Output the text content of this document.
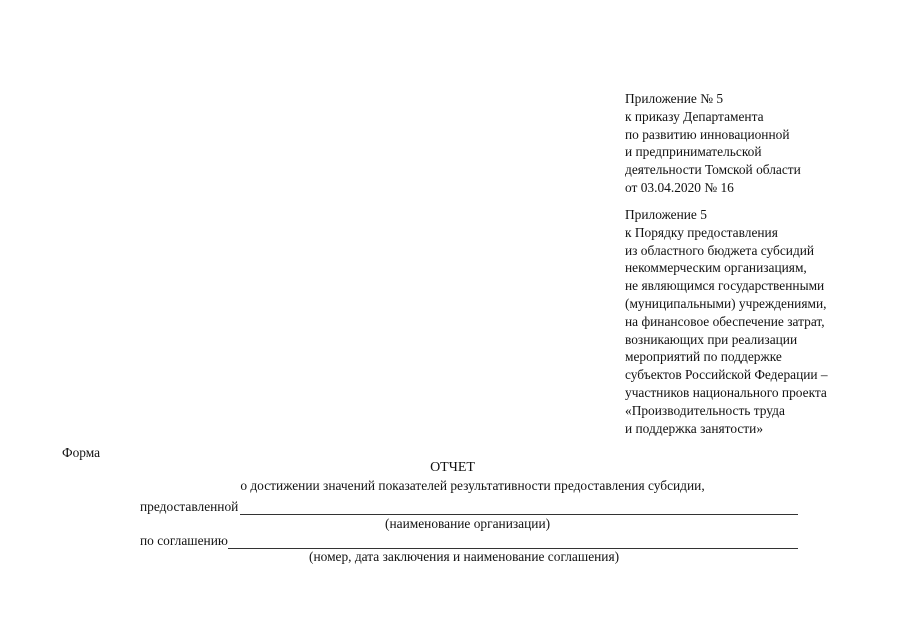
Приложение № 5
к приказу Департамента
по развитию инновационной
и предпринимательской
деятельности Томской области
от 03.04.2020 № 16
Приложение 5
к Порядку предоставления
из областного бюджета субсидий
некоммерческим организациям,
не являющимся государственными
(муниципальными) учреждениями,
на финансовое обеспечение затрат,
возникающих при реализации
мероприятий по поддержке
субъектов Российской Федерации –
участников национального проекта
«Производительность труда
и поддержка занятости»
Форма
ОТЧЕТ
о достижении значений показателей результативности предоставления субсидии,
предоставленной
(наименование организации)
по соглашению
(номер, дата заключения и наименование соглашения)
